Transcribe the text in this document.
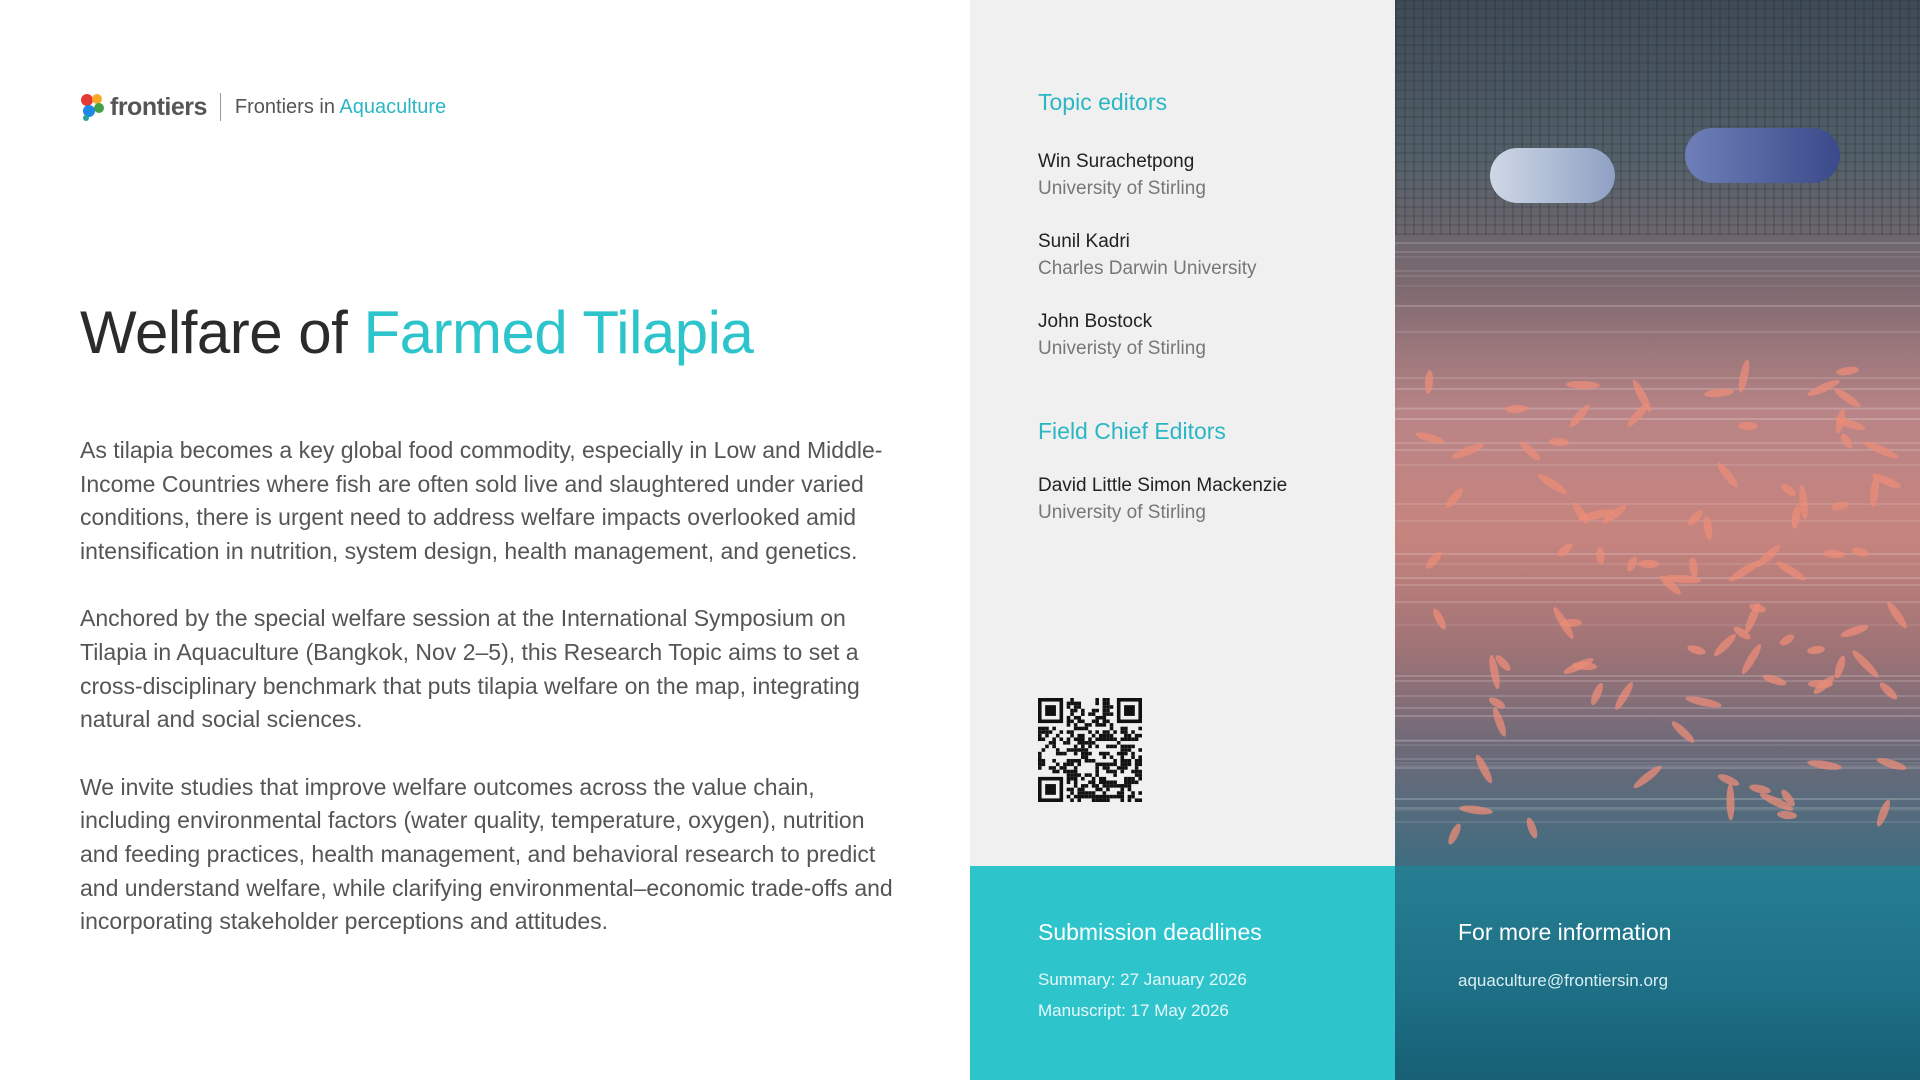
frontiers Frontiers in Aquaculture
Welfare of Farmed Tilapia

As tilapia becomes a key global food commodity, especially in Low and Middle-Income Countries where fish are often sold live and slaughtered under varied conditions, there is urgent need to address welfare impacts overlooked amid intensification in nutrition, system design, health management, and genetics.

Anchored by the special welfare session at the International Symposium on Tilapia in Aquaculture (Bangkok, Nov 2–5), this Research Topic aims to set a cross-disciplinary benchmark that puts tilapia welfare on the map, integrating natural and social sciences.

We invite studies that improve welfare outcomes across the value chain, including environmental factors (water quality, temperature, oxygen), nutrition and feeding practices, health management, and behavioral research to predict and understand welfare, while clarifying environmental–economic trade-offs and incorporating stakeholder perceptions and attitudes.

Topic editors
Win Surachetpong
University of Stirling
Sunil Kadri
Charles Darwin University
John Bostock
Univeristy of Stirling
Field Chief Editors
David Little Simon Mackenzie
University of Stirling
Submission deadlines
Summary: 27 January 2026
Manuscript: 17 May 2026
For more information
aquaculture@frontiersin.org
